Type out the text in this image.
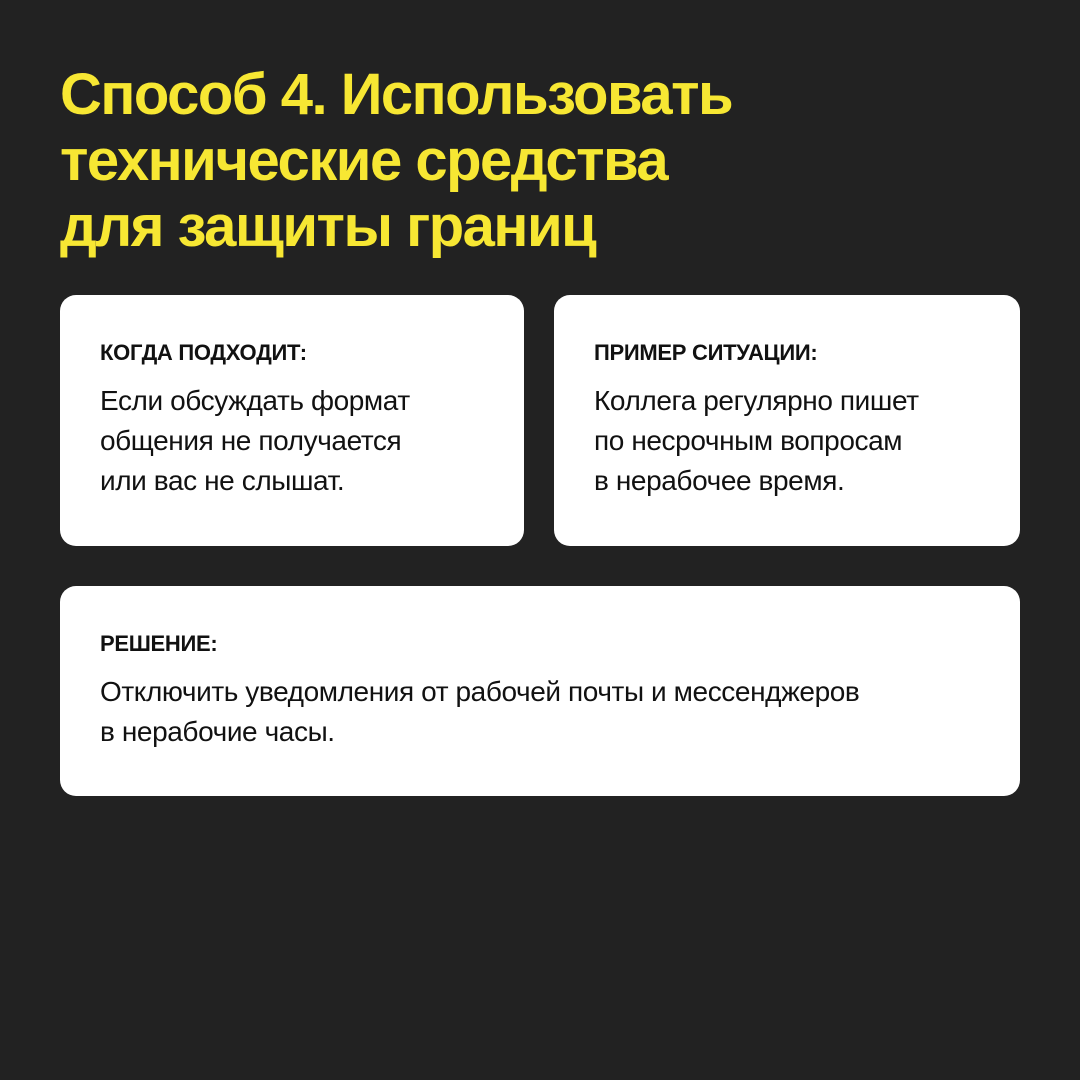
Способ 4. Использовать
технические средства
для защиты границ
КОГДА ПОДХОДИТ:
Если обсуждать формат
общения не получается
или вас не слышат.
ПРИМЕР СИТУАЦИИ:
Коллега регулярно пишет
по несрочным вопросам
в нерабочее время.
РЕШЕНИЕ:
Отключить уведомления от рабочей почты и мессенджеров
в нерабочие часы.
